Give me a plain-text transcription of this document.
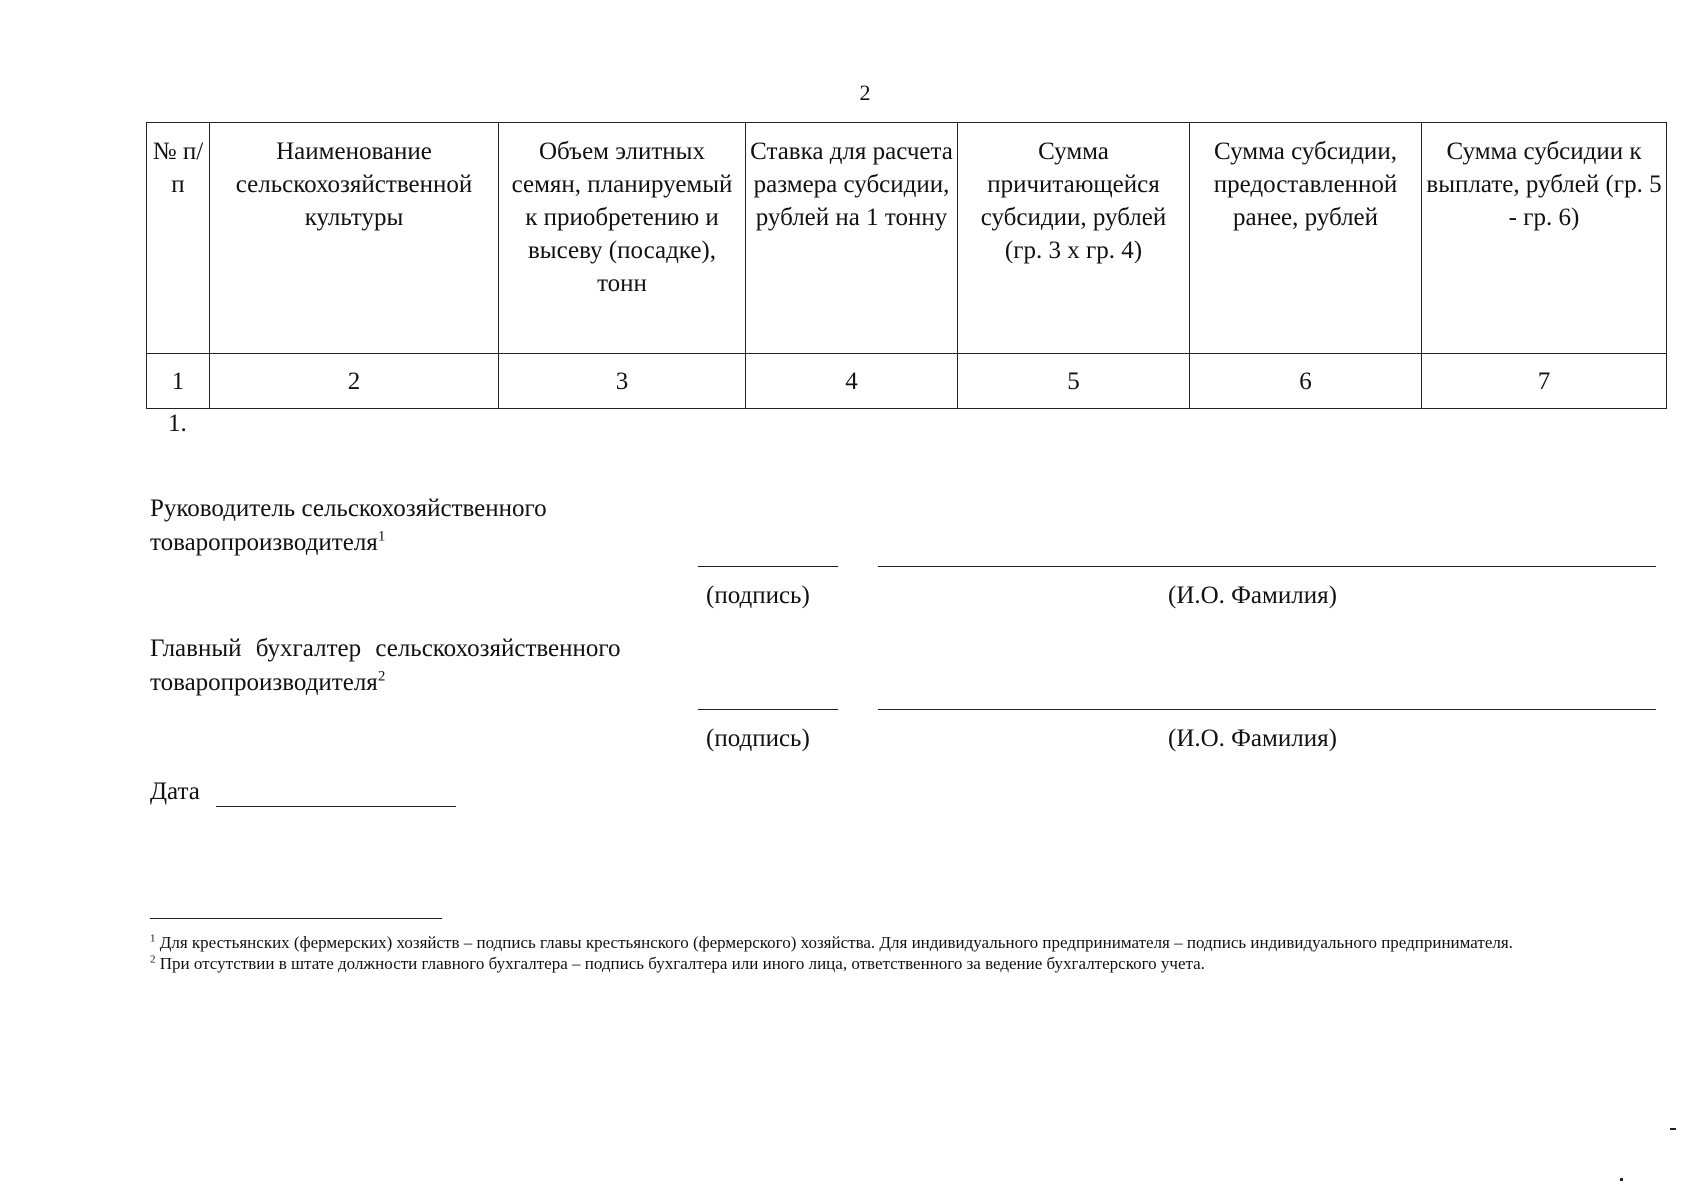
2
№ п/п	Наименование сельскохозяйственной культуры	Объем элитных семян, планируемый к приобретению и высеву (посадке), тонн	Ставка для расчета размера субсидии, рублей на 1 тонну	Сумма причитающейся субсидии, рублей (гр. 3 х гр. 4)	Сумма субсидии, предоставленной ранее, рублей	Сумма субсидии к выплате, рублей (гр. 5 - гр. 6)
1	2	3	4	5	6	7
1.
Руководитель сельскохозяйственного
товаропроизводителя$^1$
(подпись)	(И.О. Фамилия)
Главный бухгалтер сельскохозяйственного
товаропроизводителя$^2$
(подпись)	(И.О. Фамилия)
Дата

$^1$ Для крестьянских (фермерских) хозяйств – подпись главы крестьянского (фермерского) хозяйства. Для индивидуального предпринимателя – подпись индивидуального предпринимателя.

$^2$ При отсутствии в штате должности главного бухгалтера – подпись бухгалтера или иного лица, ответственного за ведение бухгалтерского учета.
